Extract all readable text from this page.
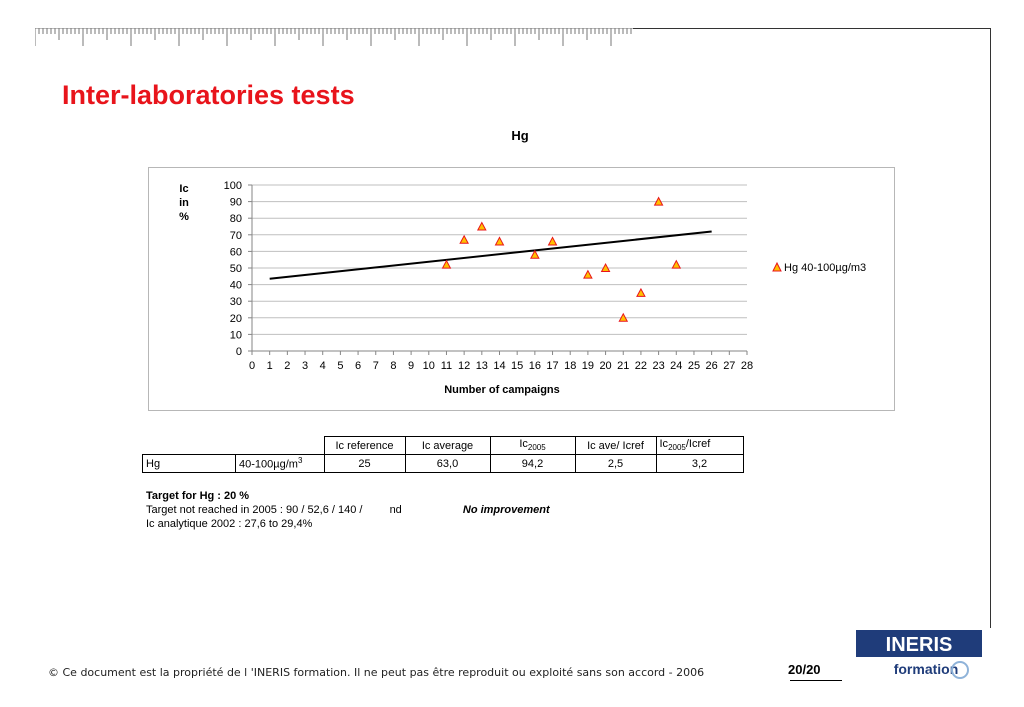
Inter-laboratories tests
Hg
0
10
20
30
40
50
60
70
80
90
100
0 1 2 3 4 5 6 7 8 9 10 11 12 13 14 15 16 17 18 19 20 21 22 23 24 25 26 27 28
Ic
in
%
Number of campaigns
Hg 40-100µg/m3
		Ic reference	Ic average	$Ic_{2005}$	Ic ave/ Icref	$Ic_{2005}$/Icref
Hg	$40-100\mu g/m^3$	25	63,0	94,2	2,5	3,2
Target for Hg : 20 %
Target not reached in 2005 : 90 / 52,6 / 140 / nd	No improvement
Ic analytique 2002 : 27,6 to 29,4%
© Ce document est la propriété de l 'INERIS formation. Il ne peut pas être reproduit ou exploité sans son accord - 2006	20/20
INERIS
formation
